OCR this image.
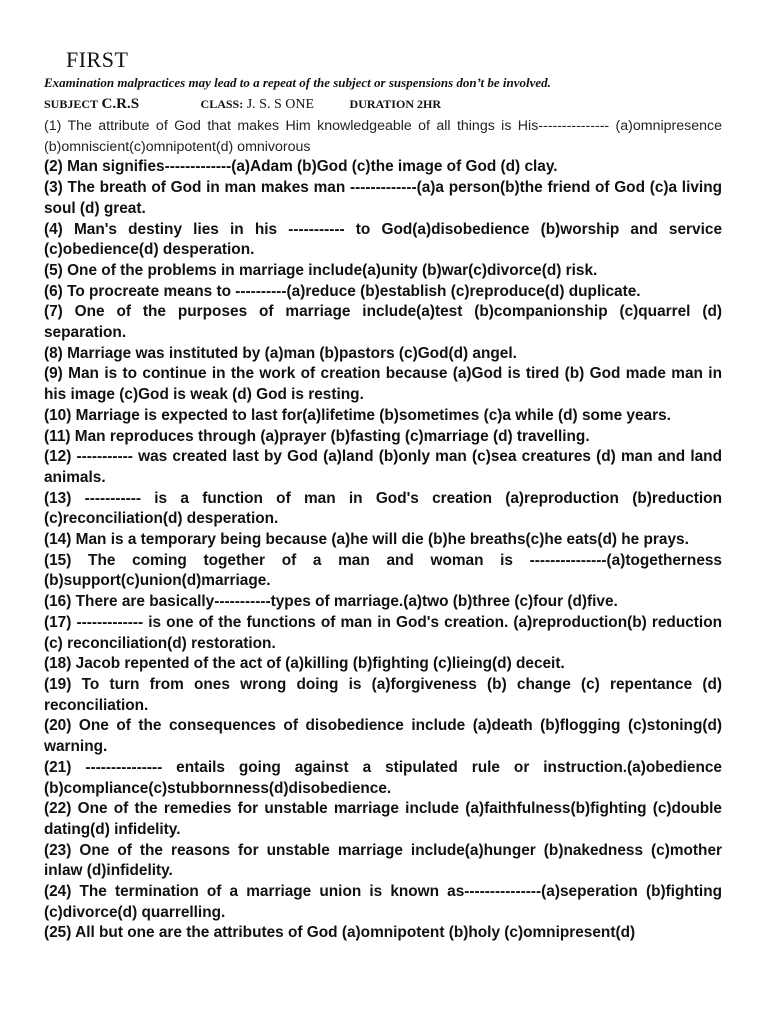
FIRST
Examination malpractices may lead to a repeat of the subject or suspensions don’t be involved.
SUBJECT C.R.S	CLASS: J. S. S ONE	DURATION 2HR

(1) The attribute of God that makes Him knowledgeable of all things is His--------------- (a)omnipresence (b)omniscient(c)omnipotent(d) omnivorous

(2) Man signifies-------------(a)Adam (b)God (c)the image of God (d) clay.

(3) The breath of God in man makes man -------------(a)a person(b)the friend of God (c)a living soul (d) great.

(4) Man's destiny lies in his ----------- to God(a)disobedience (b)worship and service (c)obedience(d) desperation.

(5) One of the problems in marriage include(a)unity (b)war(c)divorce(d) risk.

(6) To procreate means to ----------(a)reduce (b)establish (c)reproduce(d) duplicate.

(7) One of the purposes of marriage include(a)test (b)companionship (c)quarrel (d) separation.

(8) Marriage was instituted by (a)man (b)pastors (c)God(d) angel.

(9) Man is to continue in the work of creation because (a)God is tired (b) God made man in his image (c)God is weak (d) God is resting.

(10) Marriage is expected to last for(a)lifetime (b)sometimes (c)a while (d) some years.

(11) Man reproduces through (a)prayer (b)fasting (c)marriage (d) travelling.

(12) ----------- was created last by God (a)land (b)only man (c)sea creatures (d) man and land animals.

(13) ----------- is a function of man in God's creation (a)reproduction (b)reduction (c)reconciliation(d) desperation.

(14) Man is a temporary being because (a)he will die (b)he breaths(c)he eats(d) he prays.

(15) The coming together of a man and woman is ---------------(a)togetherness (b)support(c)union(d)marriage.

(16) There are basically-----------types of marriage.(a)two (b)three (c)four (d)five.

(17) ------------- is one of the functions of man in God's creation. (a)reproduction(b) reduction (c) reconciliation(d) restoration.

(18) Jacob repented of the act of (a)killing (b)fighting (c)lieing(d) deceit.

(19) To turn from ones wrong doing is (a)forgiveness (b) change (c) repentance (d) reconciliation.

(20) One of the consequences of disobedience include (a)death (b)flogging (c)stoning(d) warning.

(21) --------------- entails going against a stipulated rule or instruction.(a)obedience (b)compliance(c)stubbornness(d)disobedience.

(22) One of the remedies for unstable marriage include (a)faithfulness(b)fighting (c)double dating(d) infidelity.

(23) One of the reasons for unstable marriage include(a)hunger (b)nakedness (c)mother inlaw (d)infidelity.

(24) The termination of a marriage union is known as---------------(a)seperation (b)fighting (c)divorce(d) quarrelling.

(25) All but one are the attributes of God (a)omnipotent (b)holy (c)omnipresent(d)
